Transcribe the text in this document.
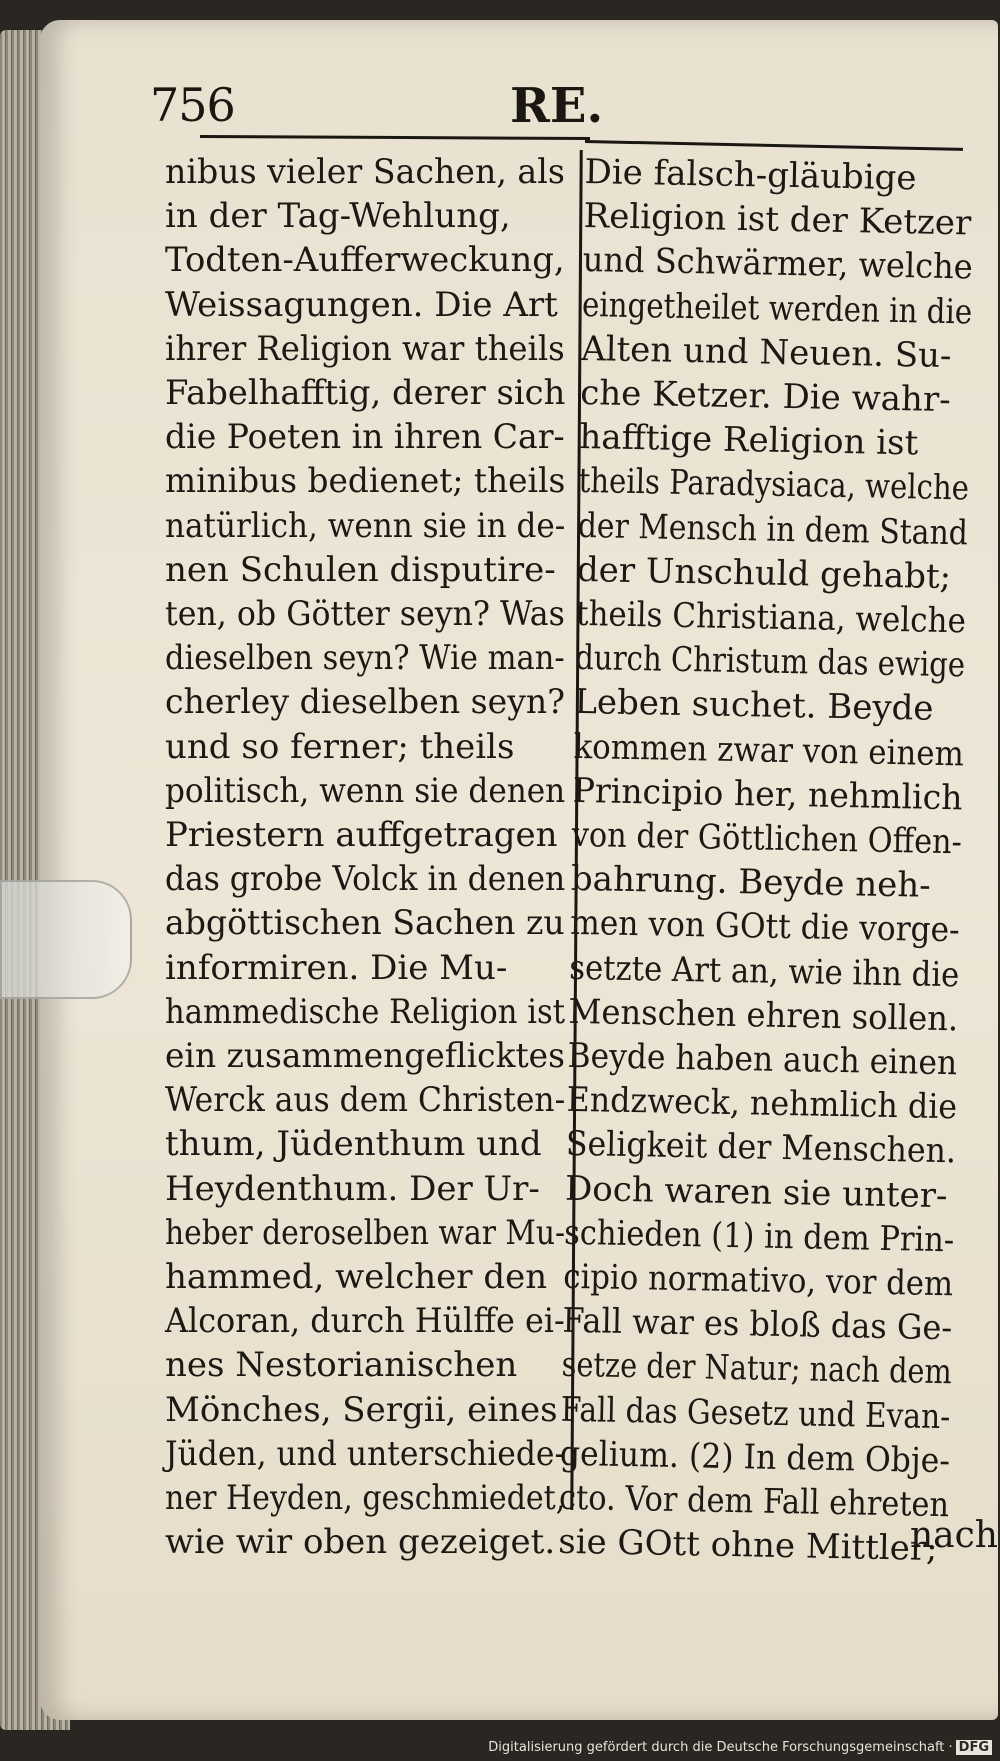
756	RE.
nibus vieler Sachen, als
in der Tag-Wehlung,
Todten-Aufferweckung,
Weissagungen. Die Art
ihrer Religion war theils
Fabelhafftig, derer sich
die Poeten in ihren Car-
minibus bedienet; theils
natürlich, wenn sie in de-
nen Schulen disputire-
ten, ob Götter seyn? Was
dieselben seyn? Wie man-
cherley dieselben seyn?
und so ferner; theils
politisch, wenn sie denen
Priestern auffgetragen
das grobe Volck in denen
abgöttischen Sachen zu
informiren. Die Mu-
hammedische Religion ist
ein zusammengeflicktes
Werck aus dem Christen-
thum, Jüdenthum und
Heydenthum. Der Ur-
heber deroselben war Mu-
hammed, welcher den
Alcoran, durch Hülffe ei-
nes Nestorianischen
Mönches, Sergii, eines
Jüden, und unterschiede-
ner Heyden, geschmiedet,
wie wir oben gezeiget.
Die falsch-gläubige
Religion ist der Ketzer
und Schwärmer, welche
eingetheilet werden in die
Alten und Neuen. Su-
che Ketzer. Die wahr-
hafftige Religion ist
theils Paradysiaca, welche
der Mensch in dem Stand
der Unschuld gehabt;
theils Christiana, welche
durch Christum das ewige
Leben suchet. Beyde
kommen zwar von einem
Principio her, nehmlich
von der Göttlichen Offen-
bahrung. Beyde neh-
men von GOtt die vorge-
setzte Art an, wie ihn die
Menschen ehren sollen.
Beyde haben auch einen
Endzweck, nehmlich die
Seligkeit der Menschen.
Doch waren sie unter-
schieden (1) in dem Prin-
cipio normativo, vor dem
Fall war es bloß das Ge-
setze der Natur; nach dem
Fall das Gesetz und Evan-
gelium. (2) In dem Obje-
cto. Vor dem Fall ehreten
sie GOtt ohne Mittler;
nach
Digitalisierung gefördert durch die Deutsche Forschungsgemeinschaft · DFG
